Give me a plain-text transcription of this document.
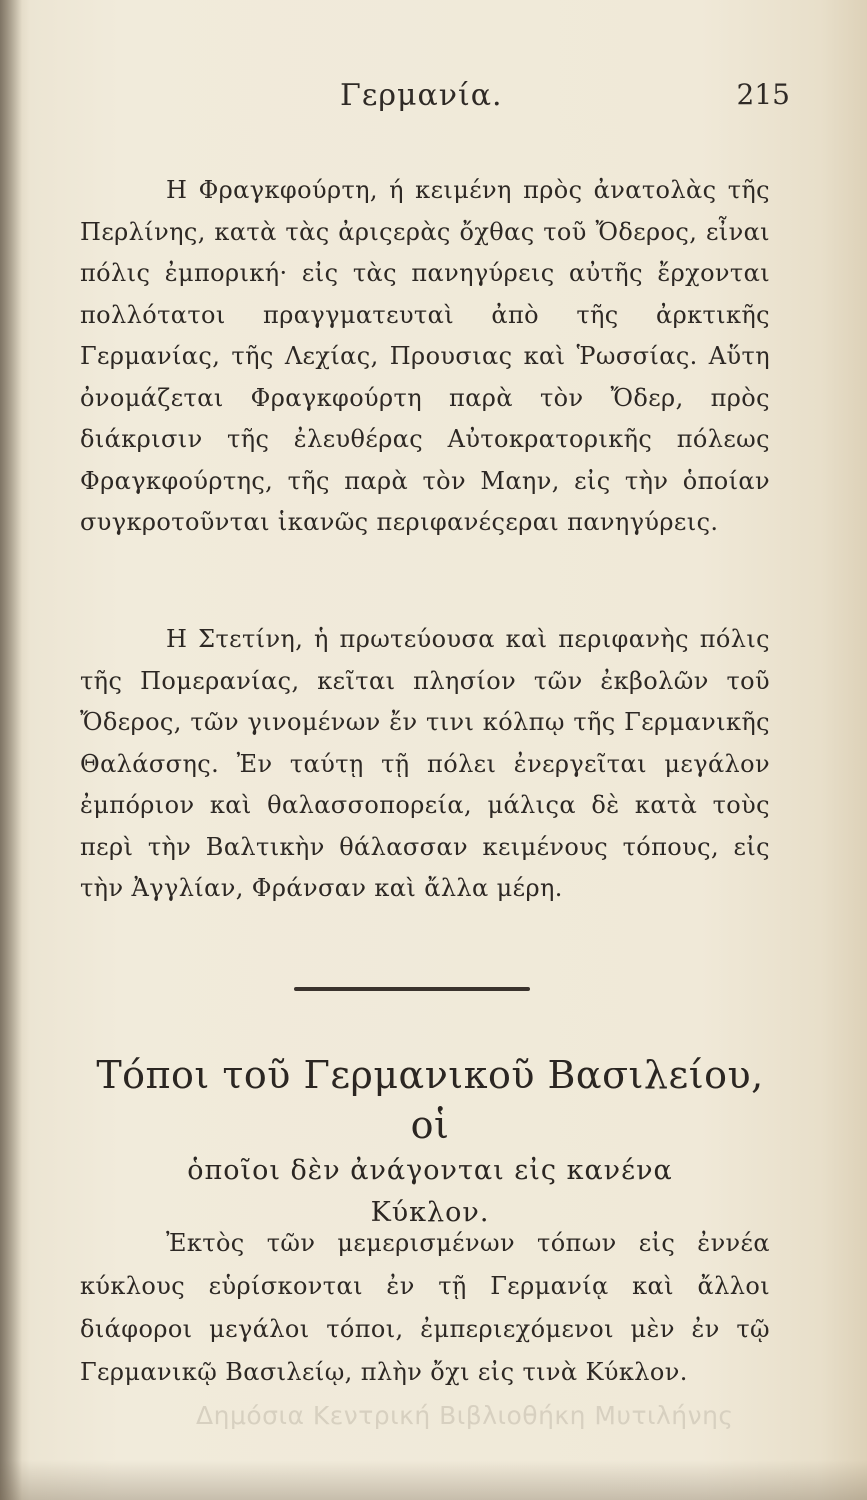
Γερμανία.	215

Η Φραγκφούρτη, ή κειμένη πρὸς ἀνατολὰς τῆς Περλίνης, κατὰ τὰς ἀριςερὰς ὄχθας τοῦ Ὄδερος, εἶναι πόλις ἐμπορική· εἰς τὰς πανηγύρεις αὐτῆς ἔρχονται πολλότατοι πραγγματευταὶ ἀπὸ τῆς ἀρκτικῆς Γερμανίας, τῆς Λεχίας, Προυσιας καὶ Ῥωσσίας. Αὕτη ὀνομάζεται Φραγκφούρτη παρὰ τὸν Ὄδερ, πρὸς διάκρισιν τῆς ἐλευθέρας Αὐτοκρατορικῆς πόλεως Φραγκφούρτης, τῆς παρὰ τὸν Μαην, εἰς τὴν ὁποίαν συγκροτοῦνται ἱκανῶς περιφανέςεραι πανηγύρεις.

Η Στετίνη, ἡ πρωτεύουσα καὶ περιφανὴς πόλις τῆς Πομερανίας, κεῖται πλησίον τῶν ἐκβολῶν τοῦ Ὄδερος, τῶν γινομένων ἔν τινι κόλπῳ τῆς Γερμανικῆς Θαλάσσης. Ἐν ταύτῃ τῇ πόλει ἐνεργεῖται μεγάλον ἐμπόριον καὶ θαλασσοπορεία, μάλιςα δὲ κατὰ τοὺς περὶ τὴν Βαλτικὴν θάλασσαν κειμένους τόπους, εἰς τὴν Ἀγγλίαν, Φράνσαν καὶ ἄλλα μέρη.

Τόποι τοῦ Γερμανικοῦ Βασιλείου, οἱ
ὁποῖοι δὲν ἀνάγονται εἰς κανένα
Κύκλον.

Ἐκτὸς τῶν μεμερισμένων τόπων εἰς ἐννέα κύκλους εὑρίσκονται ἐν τῇ Γερμανίᾳ καὶ ἄλλοι διάφοροι μεγάλοι τόποι, ἐμπεριεχόμενοι μὲν ἐν τῷ Γερμανικῷ Βασιλείῳ, πλὴν ὄχι εἰς τινὰ Κύκλον.

Δημόσια Κεντρική Βιβλιοθήκη Μυτιλήνης
